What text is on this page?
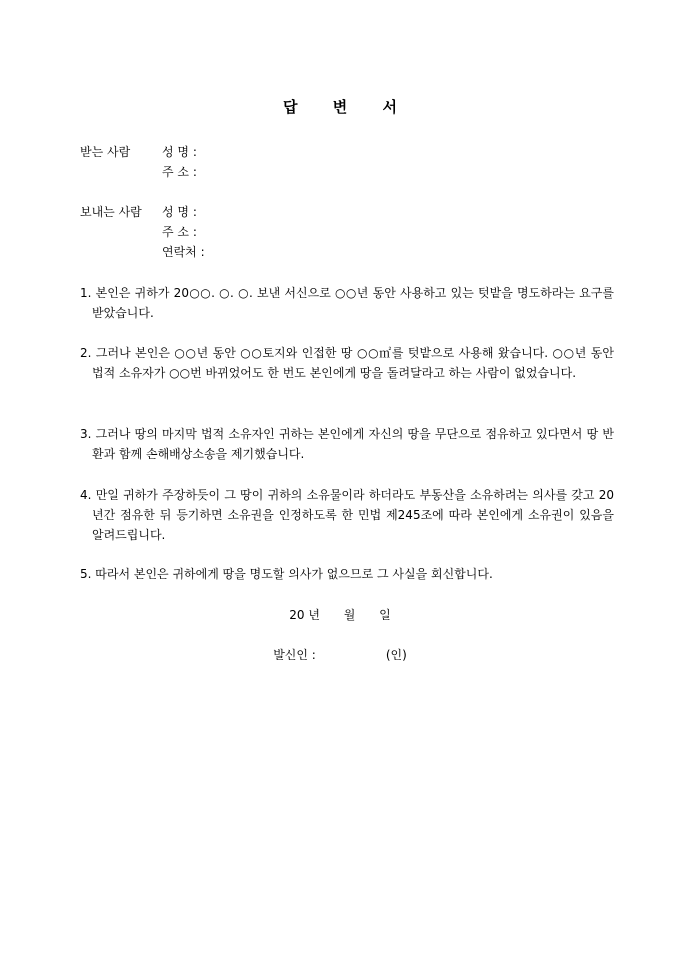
답 변 서
받는 사람	성 명 :
주 소 :
보내는 사람 성 명 :
주 소 :
연락처 :
1. 본인은 귀하가 20○○. ○. ○. 보낸 서신으로 ○○년 동안 사용하고 있는 텃밭을 명도하라는 요구를 받았습니다.
2. 그러나 본인은 ○○년 동안 ○○토지와 인접한 땅 ○○㎡를 텃밭으로 사용해 왔습니다. ○○년 동안 법적 소유자가 ○○번 바뀌었어도 한 번도 본인에게 땅을 돌려달라고 하는 사람이 없었습니다.
3. 그러나 땅의 마지막 법적 소유자인 귀하는 본인에게 자신의 땅을 무단으로 점유하고 있다면서 땅 반환과 함께 손해배상소송을 제기했습니다.
4. 만일 귀하가 주장하듯이 그 땅이 귀하의 소유물이라 하더라도 부동산을 소유하려는 의사를 갖고 20년간 점유한 뒤 등기하면 소유권을 인정하도록 한 민법 제245조에 따라 본인에게 소유권이 있음을 알려드립니다.
5. 따라서 본인은 귀하에게 땅을 명도할 의사가 없으므로 그 사실을 회신합니다.
20 년 월 일
발신인 :	(인)
